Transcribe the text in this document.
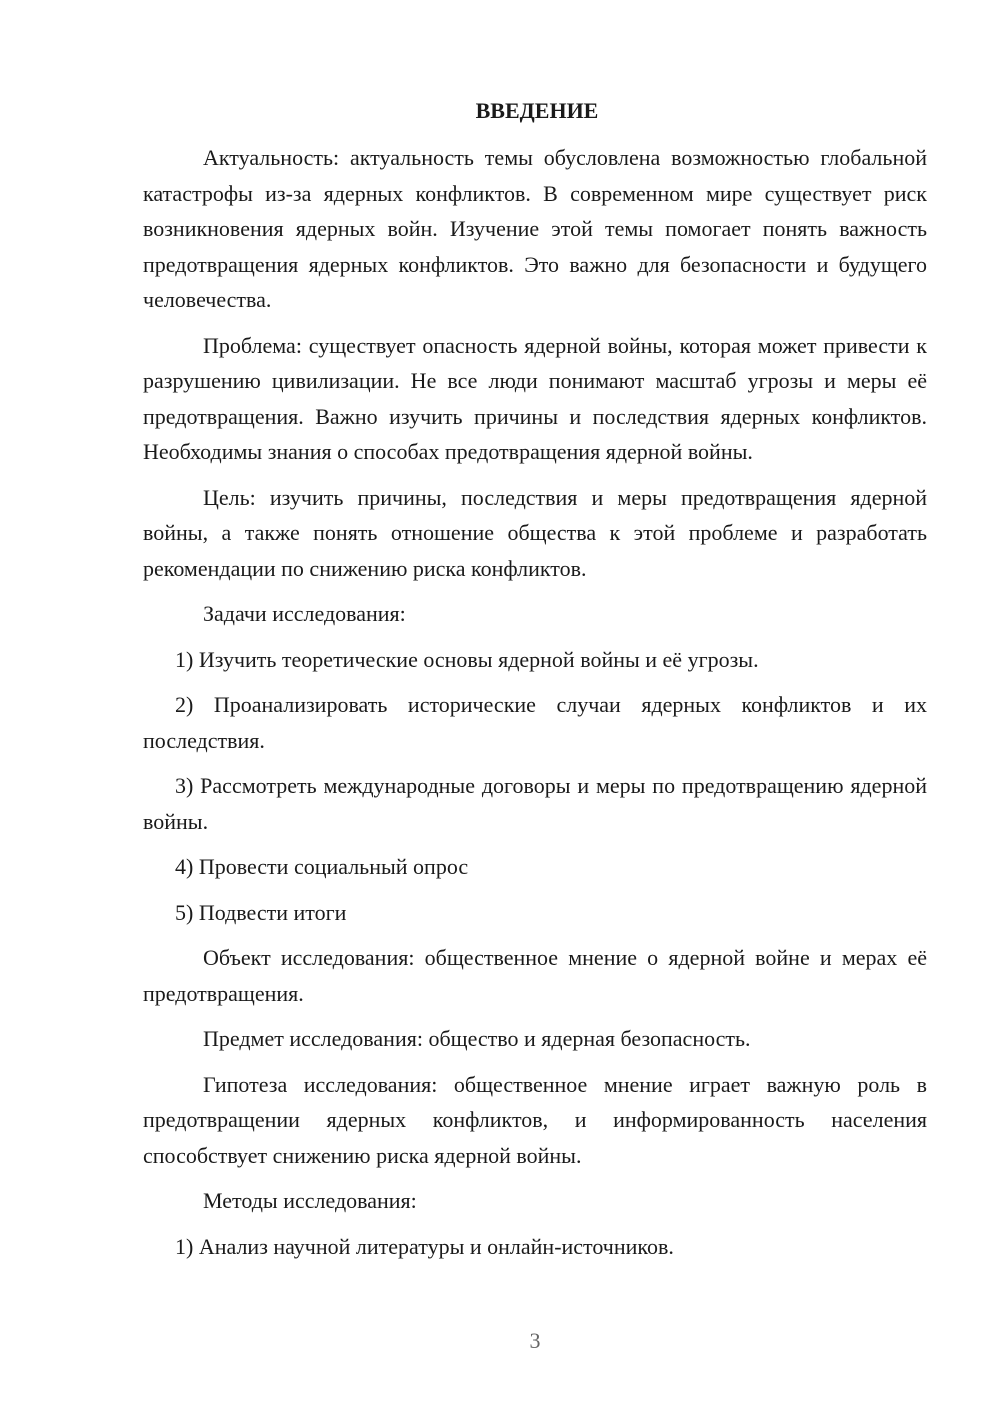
ВВЕДЕНИЕ

Актуальность: актуальность темы обусловлена возможностью глобальной катастрофы из-за ядерных конфликтов. В современном мире существует риск возникновения ядерных войн. Изучение этой темы помогает понять важность предотвращения ядерных конфликтов. Это важно для безопасности и будущего человечества.

Проблема: существует опасность ядерной войны, которая может привести к разрушению цивилизации. Не все люди понимают масштаб угрозы и меры её предотвращения. Важно изучить причины и последствия ядерных конфликтов. Необходимы знания о способах предотвращения ядерной войны.

Цель: изучить причины, последствия и меры предотвращения ядерной войны, а также понять отношение общества к этой проблеме и разработать рекомендации по снижению риска конфликтов.

Задачи исследования:

1) Изучить теоретические основы ядерной войны и её угрозы.

2) Проанализировать исторические случаи ядерных конфликтов и их последствия.

3) Рассмотреть международные договоры и меры по предотвращению ядерной войны.

4) Провести социальный опрос

5) Подвести итоги

Объект исследования: общественное мнение о ядерной войне и мерах её предотвращения.

Предмет исследования: общество и ядерная безопасность.

Гипотеза исследования: общественное мнение играет важную роль в предотвращении ядерных конфликтов, и информированность населения способствует снижению риска ядерной войны.

Методы исследования:

1) Анализ научной литературы и онлайн-источников.

3
